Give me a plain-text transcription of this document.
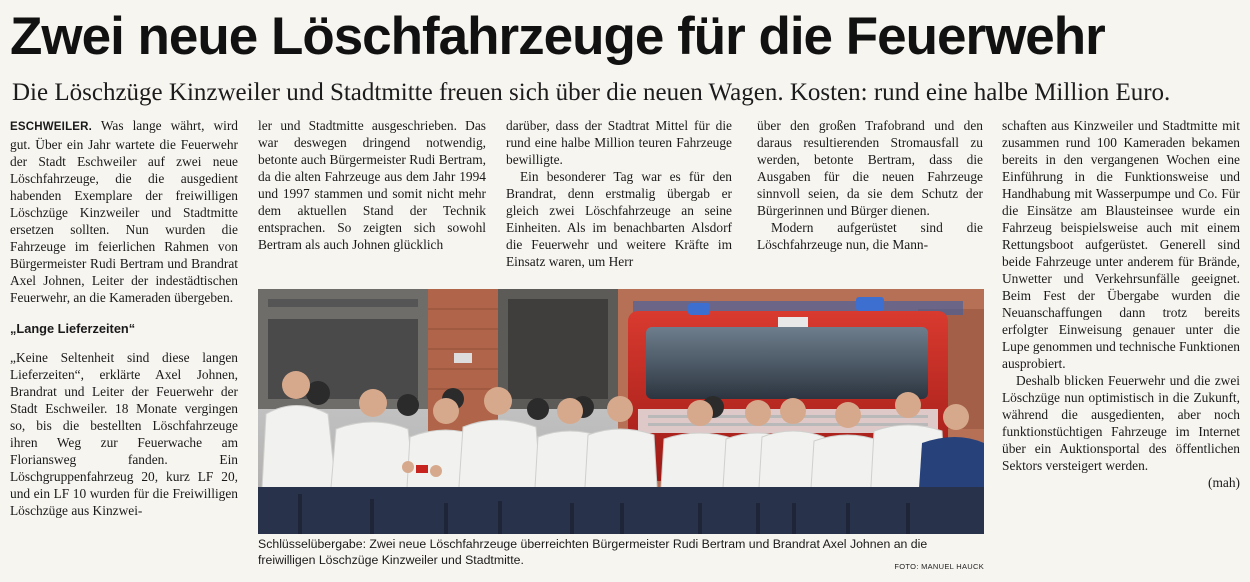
Zwei neue Löschfahrzeuge für die Feuerwehr

Die Löschzüge Kinzweiler und Stadtmitte freuen sich über die neuen Wagen. Kosten: rund eine halbe Million Euro.

ESCHWEILER. Was lange währt, wird gut. Über ein Jahr wartete die Feuerwehr der Stadt Eschweiler auf zwei neue Löschfahrzeuge, die die ausgedient habenden Exemplare der freiwilligen Löschzüge Kinzweiler und Stadtmitte ersetzen sollten. Nun wurden die Fahrzeuge im feierlichen Rahmen von Bürgermeister Rudi Bertram und Brandrat Axel Johnen, Leiter der indestädtischen Feuerwehr, an die Kameraden übergeben.

„Lange Lieferzeiten“

„Keine Seltenheit sind diese langen Lieferzeiten“, erklärte Axel Johnen, Brandrat und Leiter der Feuerwehr der Stadt Eschweiler. 18 Monate vergingen so, bis die bestellten Löschfahrzeuge ihren Weg zur Feuerwache am Floriansweg fanden. Ein Löschgruppenfahrzeug 20, kurz LF 20, und ein LF 10 wurden für die Freiwilligen Löschzüge aus Kinzwei-

ler und Stadtmitte ausgeschrieben. Das war deswegen dringend notwendig, betonte auch Bürgermeister Rudi Bertram, da die alten Fahrzeuge aus dem Jahr 1994 und 1997 stammen und somit nicht mehr dem aktuellen Stand der Technik entsprachen. So zeigten sich sowohl Bertram als auch Johnen glücklich

darüber, dass der Stadtrat Mittel für die rund eine halbe Million teuren Fahrzeuge bewilligte.

Ein besonderer Tag war es für den Brandrat, denn erstmalig übergab er gleich zwei Löschfahrzeuge an seine Einheiten. Als im benachbarten Alsdorf die Feuerwehr und weitere Kräfte im Einsatz waren, um Herr

über den großen Trafobrand und den daraus resultierenden Stromausfall zu werden, betonte Bertram, dass die Ausgaben für die neuen Fahrzeuge sinnvoll seien, da sie dem Schutz der Bürgerinnen und Bürger dienen.

Modern aufgerüstet sind die Löschfahrzeuge nun, die Mann-

schaften aus Kinzweiler und Stadtmitte mit zusammen rund 100 Kameraden bekamen bereits in den vergangenen Wochen eine Einführung in die Funktionsweise und Handhabung mit Wasserpumpe und Co. Für die Einsätze am Blausteinsee wurde ein Fahrzeug beispielsweise auch mit einem Rettungsboot aufgerüstet. Generell sind beide Fahrzeuge unter anderem für Brände, Unwetter und Verkehrsunfälle geeignet. Beim Fest der Übergabe wurden die Neuanschaffungen dann trotz bereits erfolgter Einweisung genauer unter die Lupe genommen und technische Funktionen ausprobiert.

Deshalb blicken Feuerwehr und die zwei Löschzüge nun optimistisch in die Zukunft, während die ausgedienten, aber noch funktionstüchtigen Fahrzeuge im Internet über ein Auktionsportal des öffentlichen Sektors versteigert werden.
(mah)

Schlüsselübergabe: Zwei neue Löschfahrzeuge überreichten Bürgermeister Rudi Bertram und Brandrat Axel Johnen an die freiwilligen Löschzüge Kinzweiler und Stadtmitte.	FOTO: MANUEL HAUCK
